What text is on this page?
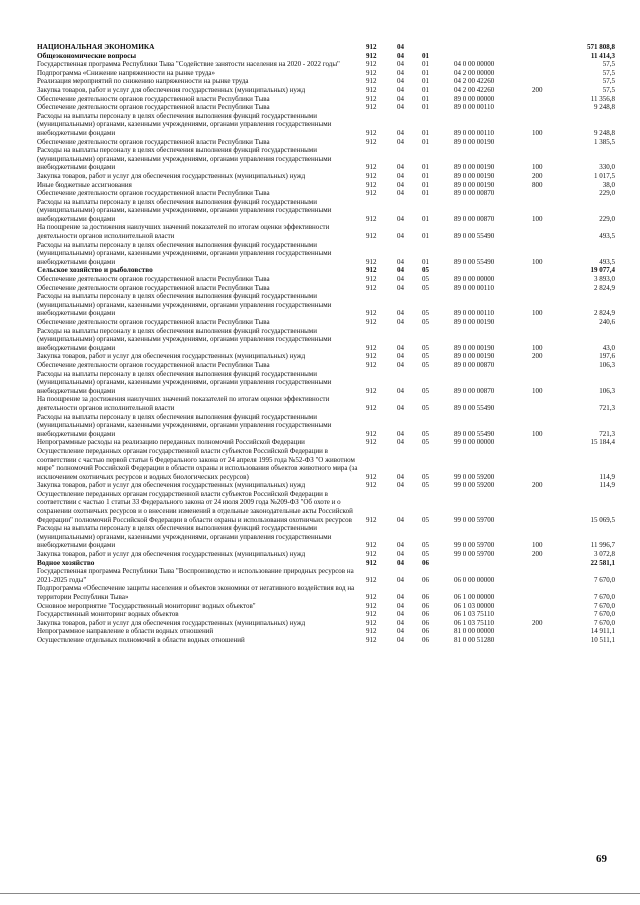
НАЦИОНАЛЬНАЯ ЭКОНОМИКА	912	04				571 808,8
Общеэкономические вопросы	912	04	01			11 414,3
Государственная программа Республики Тыва "Содействие занятости населения на 2020 - 2022 годы"	912	04	01	04 0 00 00000		57,5
Подпрограмма «Снижение напряженности на рынке труда»	912	04	01	04 2 00 00000		57,5
Реализация мероприятий по снижению напряженности на рынке труда	912	04	01	04 2 00 42260		57,5
Закупка товаров, работ и услуг для обеспечения государственных (муниципальных) нужд	912	04	01	04 2 00 42260	200	57,5
Обеспечение деятельности органов государственной власти Республики Тыва	912	04	01	89 0 00 00000		11 356,8
Обеспечение деятельности органов государственной власти Республики Тыва	912	04	01	89 0 00 00110		9 248,8
Расходы на выплаты персоналу в целях обеспечения выполнения функций государственными (муниципальными) органами, казенными учреждениями, органами управления государственными внебюджетными фондами	912	04	01	89 0 00 00110	100	9 248,8
Обеспечение деятельности органов государственной власти Республики Тыва	912	04	01	89 0 00 00190		1 385,5
Расходы на выплаты персоналу в целях обеспечения выполнения функций государственными (муниципальными) органами, казенными учреждениями, органами управления государственными внебюджетными фондами	912	04	01	89 0 00 00190	100	330,0
Закупка товаров, работ и услуг для обеспечения государственных (муниципальных) нужд	912	04	01	89 0 00 00190	200	1 017,5
Иные бюджетные ассигнования	912	04	01	89 0 00 00190	800	38,0
Обеспечение деятельности органов государственной власти Республики Тыва	912	04	01	89 0 00 00870		229,0
Расходы на выплаты персоналу в целях обеспечения выполнения функций государственными (муниципальными) органами, казенными учреждениями, органами управления государственными внебюджетными фондами	912	04	01	89 0 00 00870	100	229,0
На поощрение за достижения наилучших значений показателей по итогам оценки эффективности деятельности органов исполнительной власти	912	04	01	89 0 00 55490		493,5
Расходы на выплаты персоналу в целях обеспечения выполнения функций государственными (муниципальными) органами, казенными учреждениями, органами управления государственными внебюджетными фондами	912	04	01	89 0 00 55490	100	493,5
Сельское хозяйство и рыболовство	912	04	05			19 077,4
Обеспечение деятельности органов государственной власти Республики Тыва	912	04	05	89 0 00 00000		3 893,0
Обеспечение деятельности органов государственной власти Республики Тыва	912	04	05	89 0 00 00110		2 824,9
Расходы на выплаты персоналу в целях обеспечения выполнения функций государственными (муниципальными) органами, казенными учреждениями, органами управления государственными внебюджетными фондами	912	04	05	89 0 00 00110	100	2 824,9
Обеспечение деятельности органов государственной власти Республики Тыва	912	04	05	89 0 00 00190		240,6
Расходы на выплаты персоналу в целях обеспечения выполнения функций государственными (муниципальными) органами, казенными учреждениями, органами управления государственными внебюджетными фондами	912	04	05	89 0 00 00190	100	43,0
Закупка товаров, работ и услуг для обеспечения государственных (муниципальных) нужд	912	04	05	89 0 00 00190	200	197,6
Обеспечение деятельности органов государственной власти Республики Тыва	912	04	05	89 0 00 00870		106,3
Расходы на выплаты персоналу в целях обеспечения выполнения функций государственными (муниципальными) органами, казенными учреждениями, органами управления государственными внебюджетными фондами	912	04	05	89 0 00 00870	100	106,3
На поощрение за достижения наилучших значений показателей по итогам оценки эффективности деятельности органов исполнительной власти	912	04	05	89 0 00 55490		721,3
Расходы на выплаты персоналу в целях обеспечения выполнения функций государственными (муниципальными) органами, казенными учреждениями, органами управления государственными внебюджетными фондами	912	04	05	89 0 00 55490	100	721,3
Непрограммные расходы на реализацию переданных полномочий Российской Федерации	912	04	05	99 0 00 00000		15 184,4
Осуществление переданных органам государственной власти субъектов Российской Федерации в соответствии с частью первой статьи 6 Федерального закона от 24 апреля 1995 года №52-ФЗ "О животном мире" полномочий Российской Федерации в области охраны и использования объектов животного мира (за исключением охотничьих ресурсов и водных биологических ресурсов)	912	04	05	99 0 00 59200		114,9
Закупка товаров, работ и услуг для обеспечения государственных (муниципальных) нужд	912	04	05	99 0 00 59200	200	114,9
Осуществление переданных органам государственной власти субъектов Российской Федерации в соответствии с частью 1 статьи 33 Федерального закона от 24 июля 2009 года №209-ФЗ "Об охоте и о сохранении охотничьих ресурсов и о внесении изменений в отдельные законодательные акты Российской Федерации" полномочий Российской Федерации в области охраны и использования охотничьих ресурсов	912	04	05	99 0 00 59700		15 069,5
Расходы на выплаты персоналу в целях обеспечения выполнения функций государственными (муниципальными) органами, казенными учреждениями, органами управления государственными внебюджетными фондами	912	04	05	99 0 00 59700	100	11 996,7
Закупка товаров, работ и услуг для обеспечения государственных (муниципальных) нужд	912	04	05	99 0 00 59700	200	3 072,8
Водное хозяйство	912	04	06			22 581,1
Государственная программа Республики Тыва "Воспроизводство и использование природных ресурсов на 2021-2025 годы"	912	04	06	06 0 00 00000		7 670,0
Подпрограмма «Обеспечение защиты населения и объектов экономики от негативного воздействия вод на территории Республики Тыва»	912	04	06	06 1 00 00000		7 670,0
Основное мероприятие "Государственный мониторинг водных объектов"	912	04	06	06 1 03 00000		7 670,0
Государственный мониторинг водных объектов	912	04	06	06 1 03 75110		7 670,0
Закупка товаров, работ и услуг для обеспечения государственных (муниципальных) нужд	912	04	06	06 1 03 75110	200	7 670,0
Непрограммное направление в области водных отношений	912	04	06	81 0 00 00000		14 911,1
Осуществление отдельных полномочий в области водных отношений	912	04	06	81 0 00 51280		10 511,1
69
